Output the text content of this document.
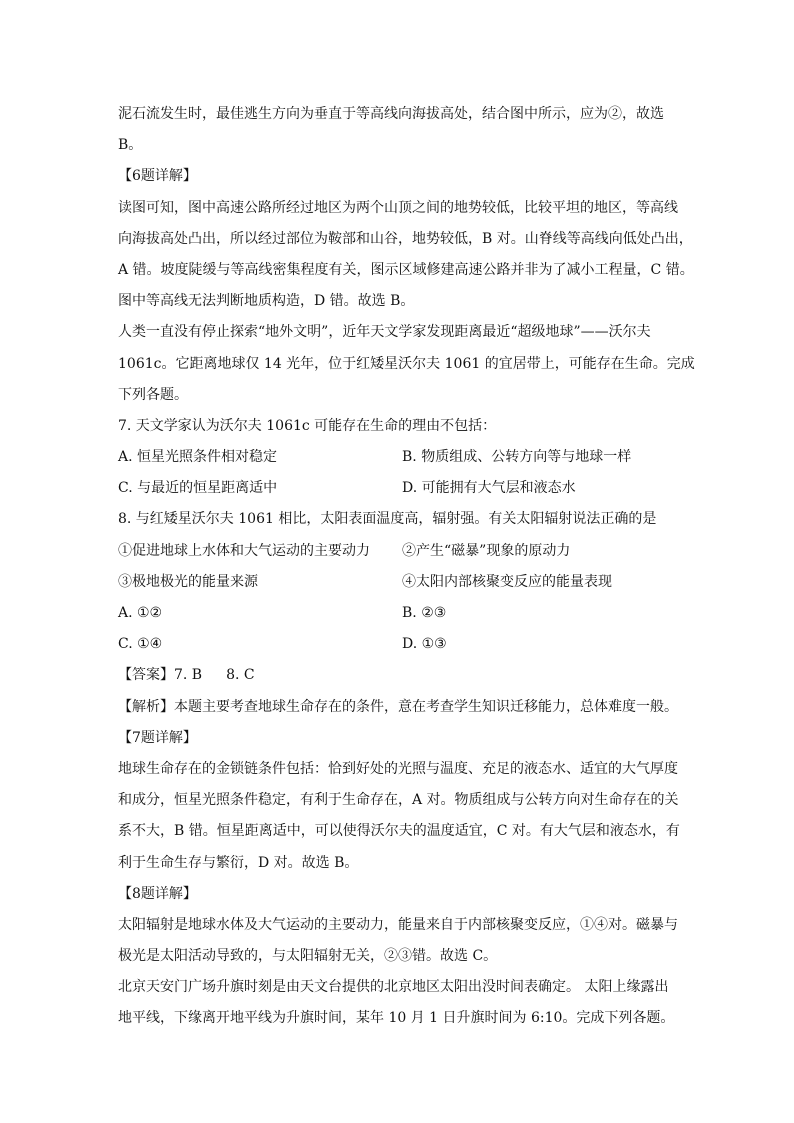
泥石流发生时，最佳逃生方向为垂直于等高线向海拔高处，结合图中所示，应为②，故选
B。
【6题详解】
读图可知，图中高速公路所经过地区为两个山顶之间的地势较低，比较平坦的地区，等高线
向海拔高处凸出，所以经过部位为鞍部和山谷，地势较低，B 对。山脊线等高线向低处凸出，
A 错。坡度陡缓与等高线密集程度有关，图示区域修建高速公路并非为了减小工程量，C 错。
图中等高线无法判断地质构造，D 错。故选 B。
人类一直没有停止探索“地外文明”，近年天文学家发现距离最近“超级地球”——沃尔夫
1061c。它距离地球仅 14 光年，位于红矮星沃尔夫 1061 的宜居带上，可能存在生命。完成
下列各题。
7. 天文学家认为沃尔夫 1061c 可能存在生命的理由不包括：
A. 恒星光照条件相对稳定	B. 物质组成、公转方向等与地球一样
C. 与最近的恒星距离适中	D. 可能拥有大气层和液态水
8. 与红矮星沃尔夫 1061 相比，太阳表面温度高，辐射强。有关太阳辐射说法正确的是
①促进地球上水体和大气运动的主要动力	②产生“磁暴”现象的原动力
③极地极光的能量来源	④太阳内部核聚变反应的能量表现
A. ①②	B. ②③
C. ①④	D. ①③
【答案】7. B 8. C
【解析】本题主要考查地球生命存在的条件，意在考查学生知识迁移能力，总体难度一般。
【7题详解】
地球生命存在的金锁链条件包括：恰到好处的光照与温度、充足的液态水、适宜的大气厚度
和成分，恒星光照条件稳定，有利于生命存在，A 对。物质组成与公转方向对生命存在的关
系不大，B 错。恒星距离适中，可以使得沃尔夫的温度适宜，C 对。有大气层和液态水，有
利于生命生存与繁衍，D 对。故选 B。
【8题详解】
太阳辐射是地球水体及大气运动的主要动力，能量来自于内部核聚变反应，①④对。磁暴与
极光是太阳活动导致的，与太阳辐射无关，②③错。故选 C。
北京天安门广场升旗时刻是由天文台提供的北京地区太阳出没时间表确定。 太阳上缘露出
地平线，下缘离开地平线为升旗时间，某年 10 月 1 日升旗时间为 6:10。完成下列各题。
